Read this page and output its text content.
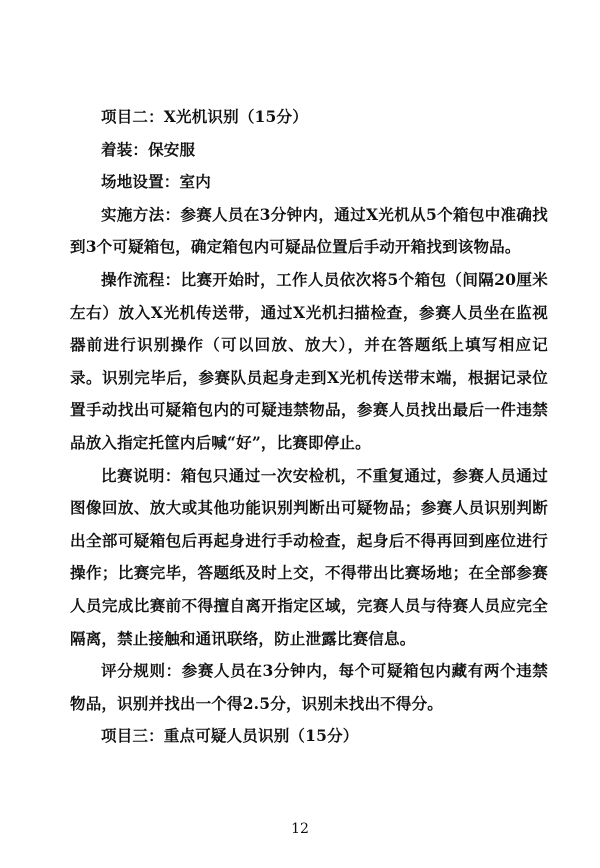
项目二：X光机识别（15分）

着装：保安服

场地设置：室内

实施方法：参赛人员在3分钟内，通过X光机从5个箱包中准确找到3个可疑箱包，确定箱包内可疑品位置后手动开箱找到该物品。

操作流程：比赛开始时，工作人员依次将5个箱包（间隔20厘米左右）放入X光机传送带，通过X光机扫描检查，参赛人员坐在监视器前进行识别操作（可以回放、放大），并在答题纸上填写相应记录。识别完毕后，参赛队员起身走到X光机传送带末端，根据记录位置手动找出可疑箱包内的可疑违禁物品，参赛人员找出最后一件违禁品放入指定托筐内后喊“好”，比赛即停止。

比赛说明：箱包只通过一次安检机，不重复通过，参赛人员通过图像回放、放大或其他功能识别判断出可疑物品；参赛人员识别判断出全部可疑箱包后再起身进行手动检查，起身后不得再回到座位进行操作；比赛完毕，答题纸及时上交，不得带出比赛场地；在全部参赛人员完成比赛前不得擅自离开指定区域，完赛人员与待赛人员应完全隔离，禁止接触和通讯联络，防止泄露比赛信息。

评分规则：参赛人员在3分钟内，每个可疑箱包内藏有两个违禁物品，识别并找出一个得2.5分，识别未找出不得分。

项目三：重点可疑人员识别（15分）

12
